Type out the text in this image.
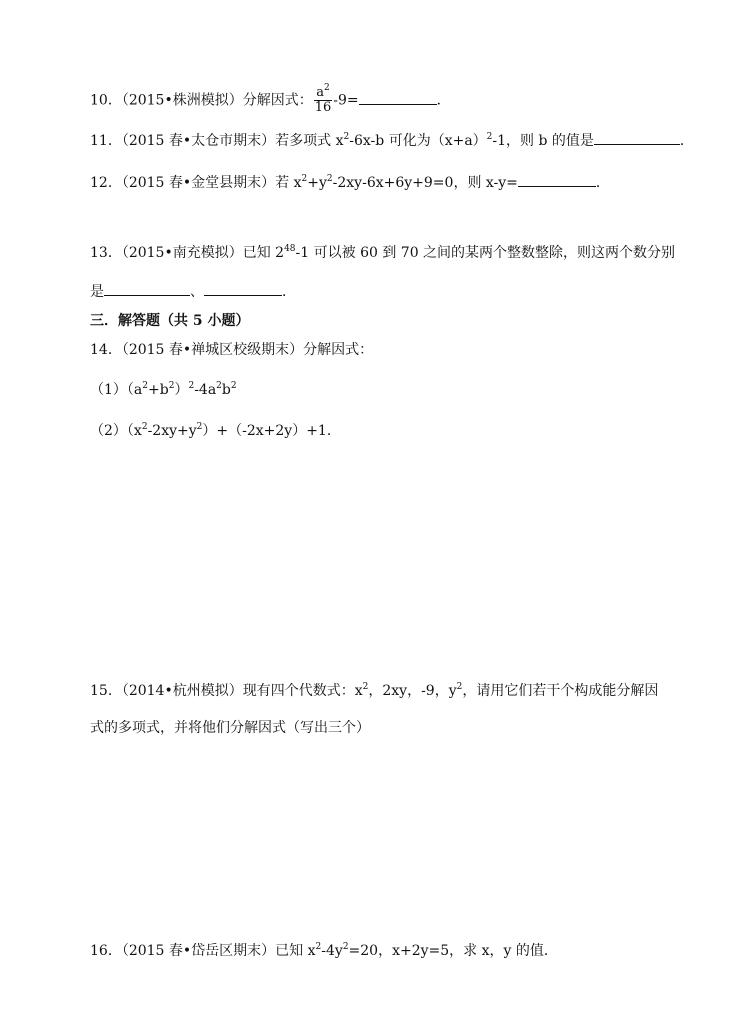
10．（2015•株洲模拟）分解因式： $\frac{a^2}{16} -9=$	．
11．（2015 春•太仓市期末）若多项式 $x^2-6x-b$ 可化为$(x+a)^2-1$，则 b 的值是	．
12．（2015 春•金堂县期末）若 $x^2+y^2-2xy-6x+6y+9=0$，则 x-y=	．
13．（2015•南充模拟）已知 $2^{48}-1$ 可以被 60 到 70 之间的某两个整数整除，则这两个数分别
是	、	．
三．解答题（共 5 小题）
14．（2015 春•禅城区校级期末）分解因式：
$(1)(a^2+b^2)^2-4a^2b^2$
$(2)(x^2-2xy+y^2)+(-2x+2y)+1$．
15．（2014•杭州模拟）现有四个代数式：$x^2$，2xy，-9，$y^2$，请用它们若干个构成能分解因
式的多项式，并将他们分解因式（写出三个）
16．（2015 春•岱岳区期末）已知 $x^2-4y^2=20$，x+2y=5，求 x，y 的值．
